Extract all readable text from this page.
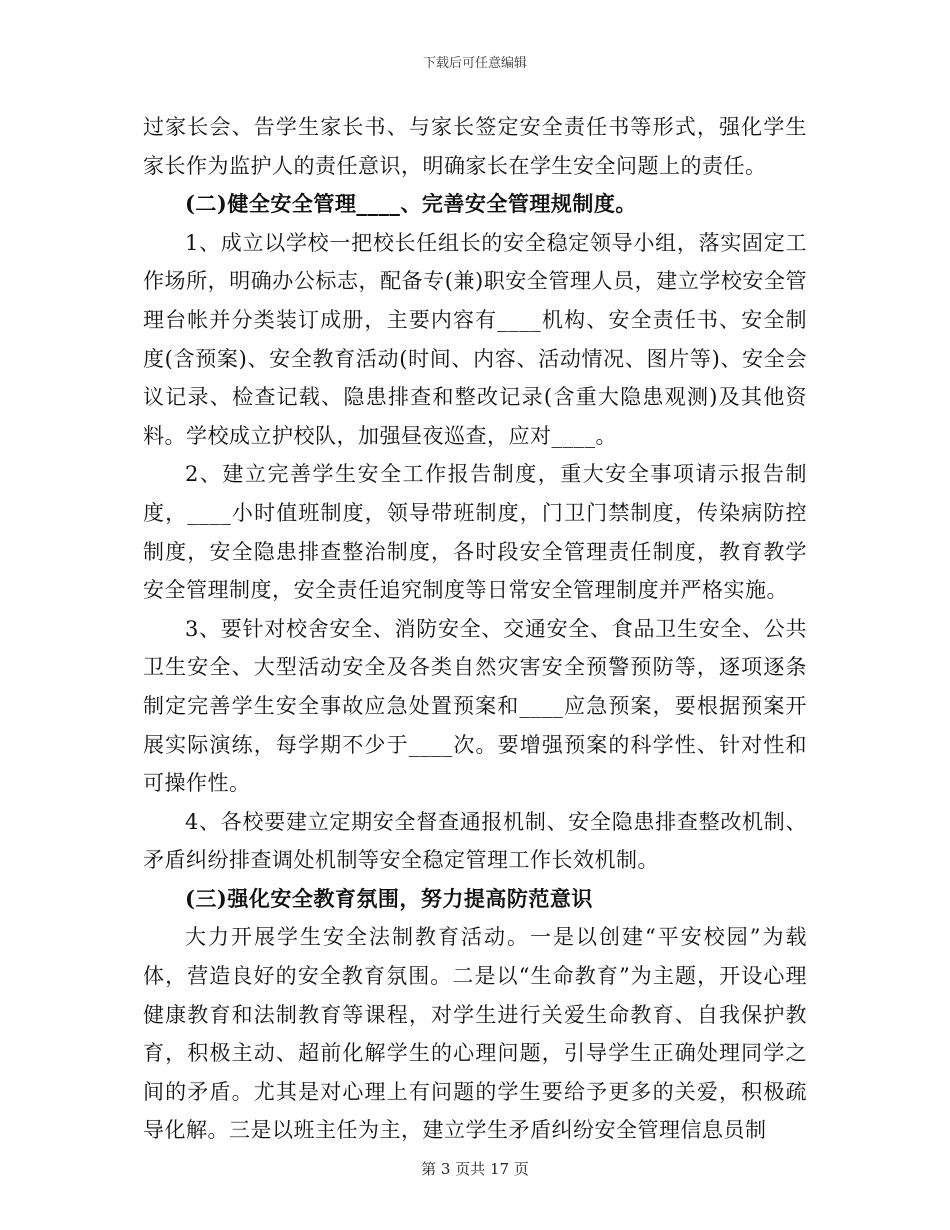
下载后可任意编辑

过家长会、告学生家长书、与家长签定安全责任书等形式，强化学生家长作为监护人的责任意识，明确家长在学生安全问题上的责任。

(二)健全安全管理____、完善安全管理规制度。

1、成立以学校一把校长任组长的安全稳定领导小组，落实固定工作场所，明确办公标志，配备专(兼)职安全管理人员，建立学校安全管理台帐并分类装订成册，主要内容有____机构、安全责任书、安全制度(含预案)、安全教育活动(时间、内容、活动情况、图片等)、安全会议记录、检查记载、隐患排查和整改记录(含重大隐患观测)及其他资料。学校成立护校队，加强昼夜巡查，应对____。

2、建立完善学生安全工作报告制度，重大安全事项请示报告制度，____小时值班制度，领导带班制度，门卫门禁制度，传染病防控制度，安全隐患排查整治制度，各时段安全管理责任制度，教育教学安全管理制度，安全责任追究制度等日常安全管理制度并严格实施。

3、要针对校舍安全、消防安全、交通安全、食品卫生安全、公共卫生安全、大型活动安全及各类自然灾害安全预警预防等，逐项逐条制定完善学生安全事故应急处置预案和____应急预案，要根据预案开展实际演练，每学期不少于____次。要增强预案的科学性、针对性和可操作性。

4、各校要建立定期安全督查通报机制、安全隐患排查整改机制、矛盾纠纷排查调处机制等安全稳定管理工作长效机制。

(三)强化安全教育氛围，努力提高防范意识

大力开展学生安全法制教育活动。一是以创建“平安校园”为载体，营造良好的安全教育氛围。二是以“生命教育”为主题，开设心理健康教育和法制教育等课程，对学生进行关爱生命教育、自我保护教育，积极主动、超前化解学生的心理问题，引导学生正确处理同学之间的矛盾。尤其是对心理上有问题的学生要给予更多的关爱，积极疏导化解。三是以班主任为主，建立学生矛盾纠纷安全管理信息员制

第 3 页共 17 页
